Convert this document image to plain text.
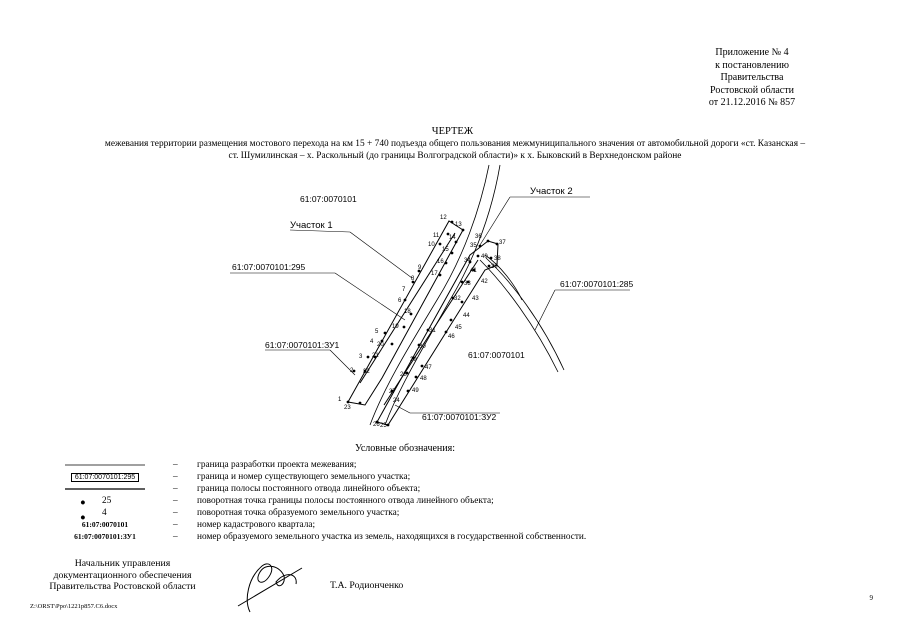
Приложение № 4
к постановлению
Правительства
Ростовской области
от 21.12.2016 № 857
ЧЕРТЕЖ
межевания территории размещения мостового перехода на км 15 + 740 подъезда общего пользования межмуниципального значения от автомобильной дороги «ст. Казанская –
ст. Шумилинская – х. Раскольный (до границы Волгоградской области)» к х. Быковский в Верхнедонском районе
1
2
3
4
5
6
7
8
9
10
11
12
13
14
15
16
17
18
19
20
21
22
23
24
25
26
27
28
29
30
31
32
33
34
35
36
37
38
39
40
41
42
43
44
45
46
47
48
49
61:07:0070101
Участок 1
Участок 2
61:07:0070101:295
61:07:0070101:285
61:07:0070101:ЗУ1
61:07:0070101
61:07:0070101:ЗУ2
Условные обозначения:
–	граница разработки проекта межевания;
61:07:0070101:295	–	граница и номер существующего земельного участка;
–	граница полосы постоянного отвода линейного объекта;
● 25	–	поворотная точка границы полосы постоянного отвода линейного объекта;
● 4	–	поворотная точка образуемого земельного участка;
61:07:0070101	–	номер кадастрового квартала;
61:07:0070101:ЗУ1	–	номер образуемого земельного участка из земель, находящихся в государственной собственности.
Начальник управления
документационного обеспечения
Правительства Ростовской области	Т.А. Родионченко
Z:\ORST\Ppo\1221p857.С6.docx
9
